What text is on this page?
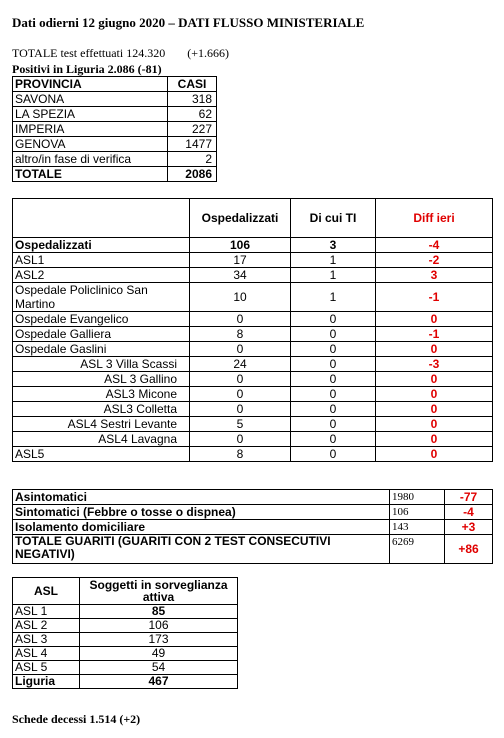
Dati odierni 12 giugno 2020 – DATI FLUSSO MINISTERIALE
TOTALE test effettuati 124.320 (+1.666)
Positivi in Liguria 2.086 (-81)
PROVINCIA	CASI
SAVONA	318
LA SPEZIA	62
IMPERIA	227
GENOVA	1477
altro/in fase di verifica	2
TOTALE	2086
	Ospedalizzati	Di cui TI	Diff ieri
Ospedalizzati	106	3	-4
ASL1	17	1	-2
ASL2	34	1	3
Ospedale Policlinico San Martino	10	1	-1
Ospedale Evangelico	0	0	0
Ospedale Galliera	8	0	-1
Ospedale Gaslini	0	0	0
ASL 3 Villa Scassi	24	0	-3
ASL 3 Gallino	0	0	0
ASL3 Micone	0	0	0
ASL3 Colletta	0	0	0
ASL4 Sestri Levante	5	0	0
ASL4 Lavagna	0	0	0
ASL5	8	0	0
Asintomatici	1980	-77
Sintomatici (Febbre o tosse o dispnea)	106	-4
Isolamento domiciliare	143	+3
TOTALE GUARITI (GUARITI CON 2 TEST CONSECUTIVI NEGATIVI)	6269	+86
ASL	Soggetti in sorveglianza attiva
ASL 1	85
ASL 2	106
ASL 3	173
ASL 4	49
ASL 5	54
Liguria	467
Schede decessi 1.514 (+2)
